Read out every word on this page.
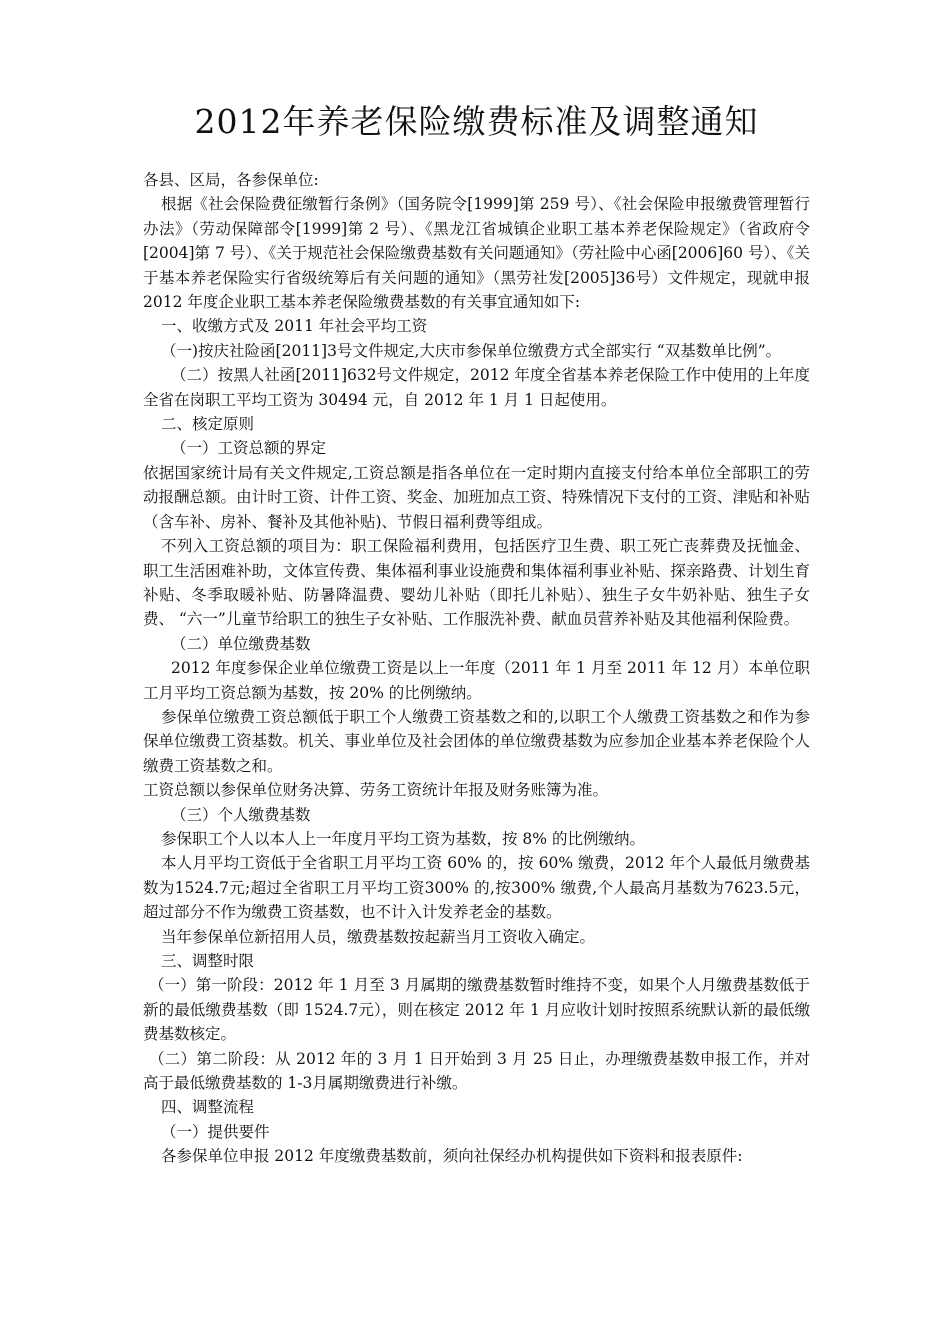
2012年养老保险缴费标准及调整通知

各县、区局，各参保单位:

根据《社会保险费征缴暂行条例》（国务院令[1999]第 259 号）、《社会保险申报缴费管理暂行办法》（劳动保障部令[1999]第 2 号）、《黑龙江省城镇企业职工基本养老保险规定》（省政府令[2004]第 7 号）、《关于规范社会保险缴费基数有关问题通知》（劳社险中心函[2006]60 号）、《关于基本养老保险实行省级统筹后有关问题的通知》（黑劳社发[2005]36号）文件规定，现就申报 2012 年度企业职工基本养老保险缴费基数的有关事宜通知如下:

一、收缴方式及 2011 年社会平均工资

（一)按庆社险函[2011]3号文件规定,大庆市参保单位缴费方式全部实行 “双基数单比例”。

（二）按黑人社函[2011]632号文件规定，2012 年度全省基本养老保险工作中使用的上年度全省在岗职工平均工资为 30494 元，自 2012 年 1 月 1 日起使用。

二、核定原则

（一）工资总额的界定

依据国家统计局有关文件规定,工资总额是指各单位在一定时期内直接支付给本单位全部职工的劳动报酬总额。由计时工资、计件工资、奖金、加班加点工资、特殊情况下支付的工资、津贴和补贴（含车补、房补、餐补及其他补贴)、节假日福利费等组成。

不列入工资总额的项目为：职工保险福利费用，包括医疗卫生费、职工死亡丧葬费及抚恤金、职工生活困难补助，文体宣传费、集体福利事业设施费和集体福利事业补贴、探亲路费、计划生育补贴、冬季取暖补贴、防暑降温费、婴幼儿补贴（即托儿补贴）、独生子女牛奶补贴、独生子女费、 “六一”儿童节给职工的独生子女补贴、工作服洗补费、献血员营养补贴及其他福利保险费。

（二）单位缴费基数

2012 年度参保企业单位缴费工资是以上一年度（2011 年 1 月至 2011 年 12 月）本单位职工月平均工资总额为基数，按 20% 的比例缴纳。

参保单位缴费工资总额低于职工个人缴费工资基数之和的,以职工个人缴费工资基数之和作为参保单位缴费工资基数。机关、事业单位及社会团体的单位缴费基数为应参加企业基本养老保险个人缴费工资基数之和。

工资总额以参保单位财务决算、劳务工资统计年报及财务账簿为准。

（三）个人缴费基数

参保职工个人以本人上一年度月平均工资为基数，按 8% 的比例缴纳。

本人月平均工资低于全省职工月平均工资 60% 的，按 60% 缴费，2012 年个人最低月缴费基数为1524.7元;超过全省职工月平均工资300% 的,按300% 缴费,个人最高月基数为7623.5元，超过部分不作为缴费工资基数，也不计入计发养老金的基数。

当年参保单位新招用人员，缴费基数按起薪当月工资收入确定。

三、调整时限

（一）第一阶段：2012 年 1 月至 3 月属期的缴费基数暂时维持不变，如果个人月缴费基数低于新的最低缴费基数（即 1524.7元），则在核定 2012 年 1 月应收计划时按照系统默认新的最低缴费基数核定。

（二）第二阶段：从 2012 年的 3 月 1 日开始到 3 月 25 日止，办理缴费基数申报工作，并对高于最低缴费基数的 1-3月属期缴费进行补缴。

四、调整流程

（一）提供要件

各参保单位申报 2012 年度缴费基数前，须向社保经办机构提供如下资料和报表原件:
